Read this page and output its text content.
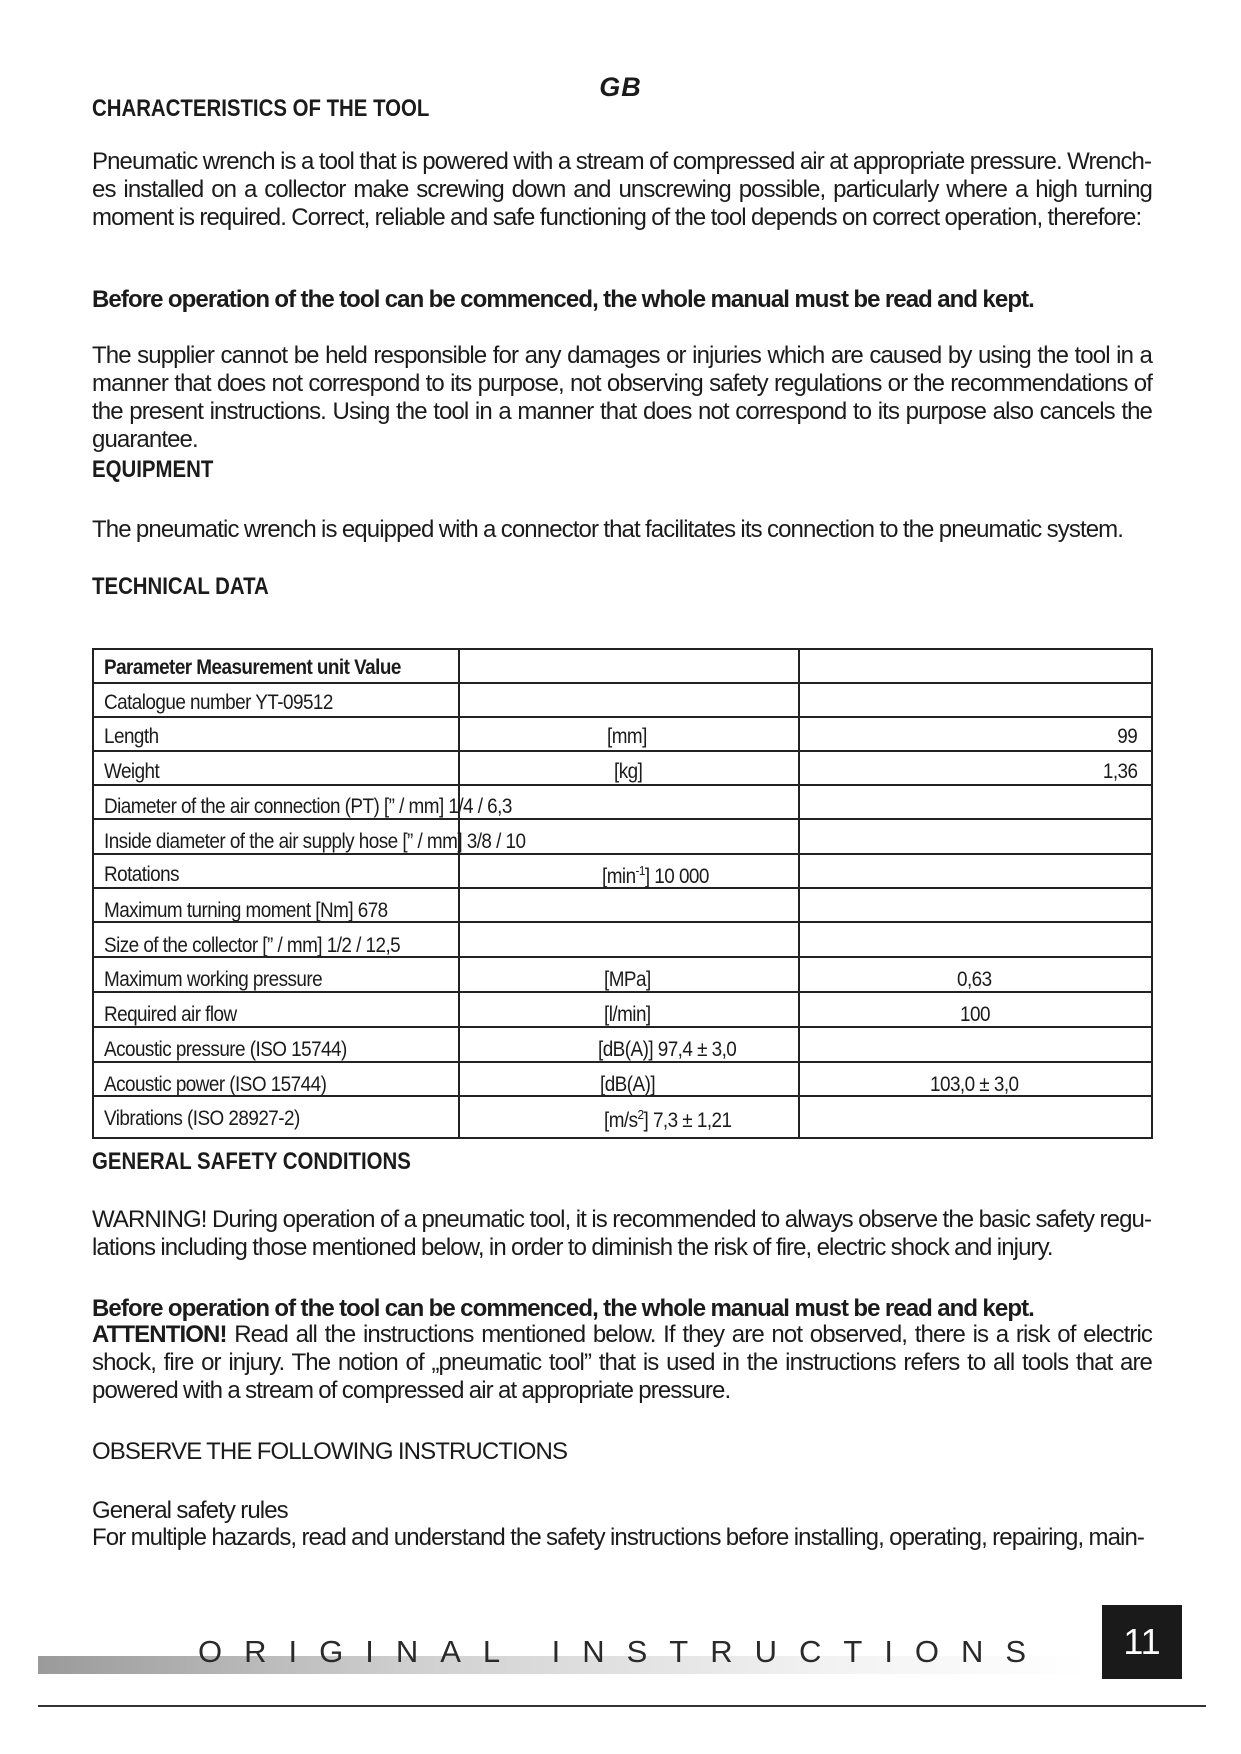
GB
CHARACTERISTICS OF THE TOOL
Pneumatic wrench is a tool that is powered with a stream of compressed air at appropriate pressure. Wrenches installed on a collector make screwing down and unscrewing possible, particularly where a high turning moment is required. Correct, reliable and safe functioning of the tool depends on correct operation, therefore:
Before operation of the tool can be commenced, the whole manual must be read and kept.
The supplier cannot be held responsible for any damages or injuries which are caused by using the tool in a manner that does not correspond to its purpose, not observing safety regulations or the recommendations of the present instructions. Using the tool in a manner that does not correspond to its purpose also cancels the guarantee.
EQUIPMENT
The pneumatic wrench is equipped with a connector that facilitates its connection to the pneumatic system.
TECHNICAL DATA
Parameter Measurement unit Value
Catalogue number YT-09512
Length	[mm]	99
Weight	[kg]	1,36
Diameter of the air connection (PT) [” / mm] 1/4 / 6,3
Inside diameter of the air supply hose [” / mm] 3/8 / 10
Rotations	$[\min^{-1}]$ 10 000
Maximum turning moment [Nm] 678
Size of the collector [” / mm] 1/2 / 12,5
Maximum working pressure	[MPa]	0,63
Required air flow	[l/min]	100
Acoustic pressure (ISO 15744)	[dB(A)] 97,4 ± 3,0
Acoustic power (ISO 15744)	[dB(A)]	103,0 ± 3,0
Vibrations (ISO 28927-2)	$[m/s^2] 7,3 \pm 1,21$
GENERAL SAFETY CONDITIONS
WARNING! During operation of a pneumatic tool, it is recommended to always observe the basic safety regulations including those mentioned below, in order to diminish the risk of fire, electric shock and injury.
Before operation of the tool can be commenced, the whole manual must be read and kept.
ATTENTION! Read all the instructions mentioned below. If they are not observed, there is a risk of electric shock, fire or injury. The notion of „pneumatic tool” that is used in the instructions refers to all tools that are powered with a stream of compressed air at appropriate pressure.
OBSERVE THE FOLLOWING INSTRUCTIONS
General safety rules
For multiple hazards, read and understand the safety instructions before installing, operating, repairing, main-
ORIGINAL INSTRUCTIONS	11
